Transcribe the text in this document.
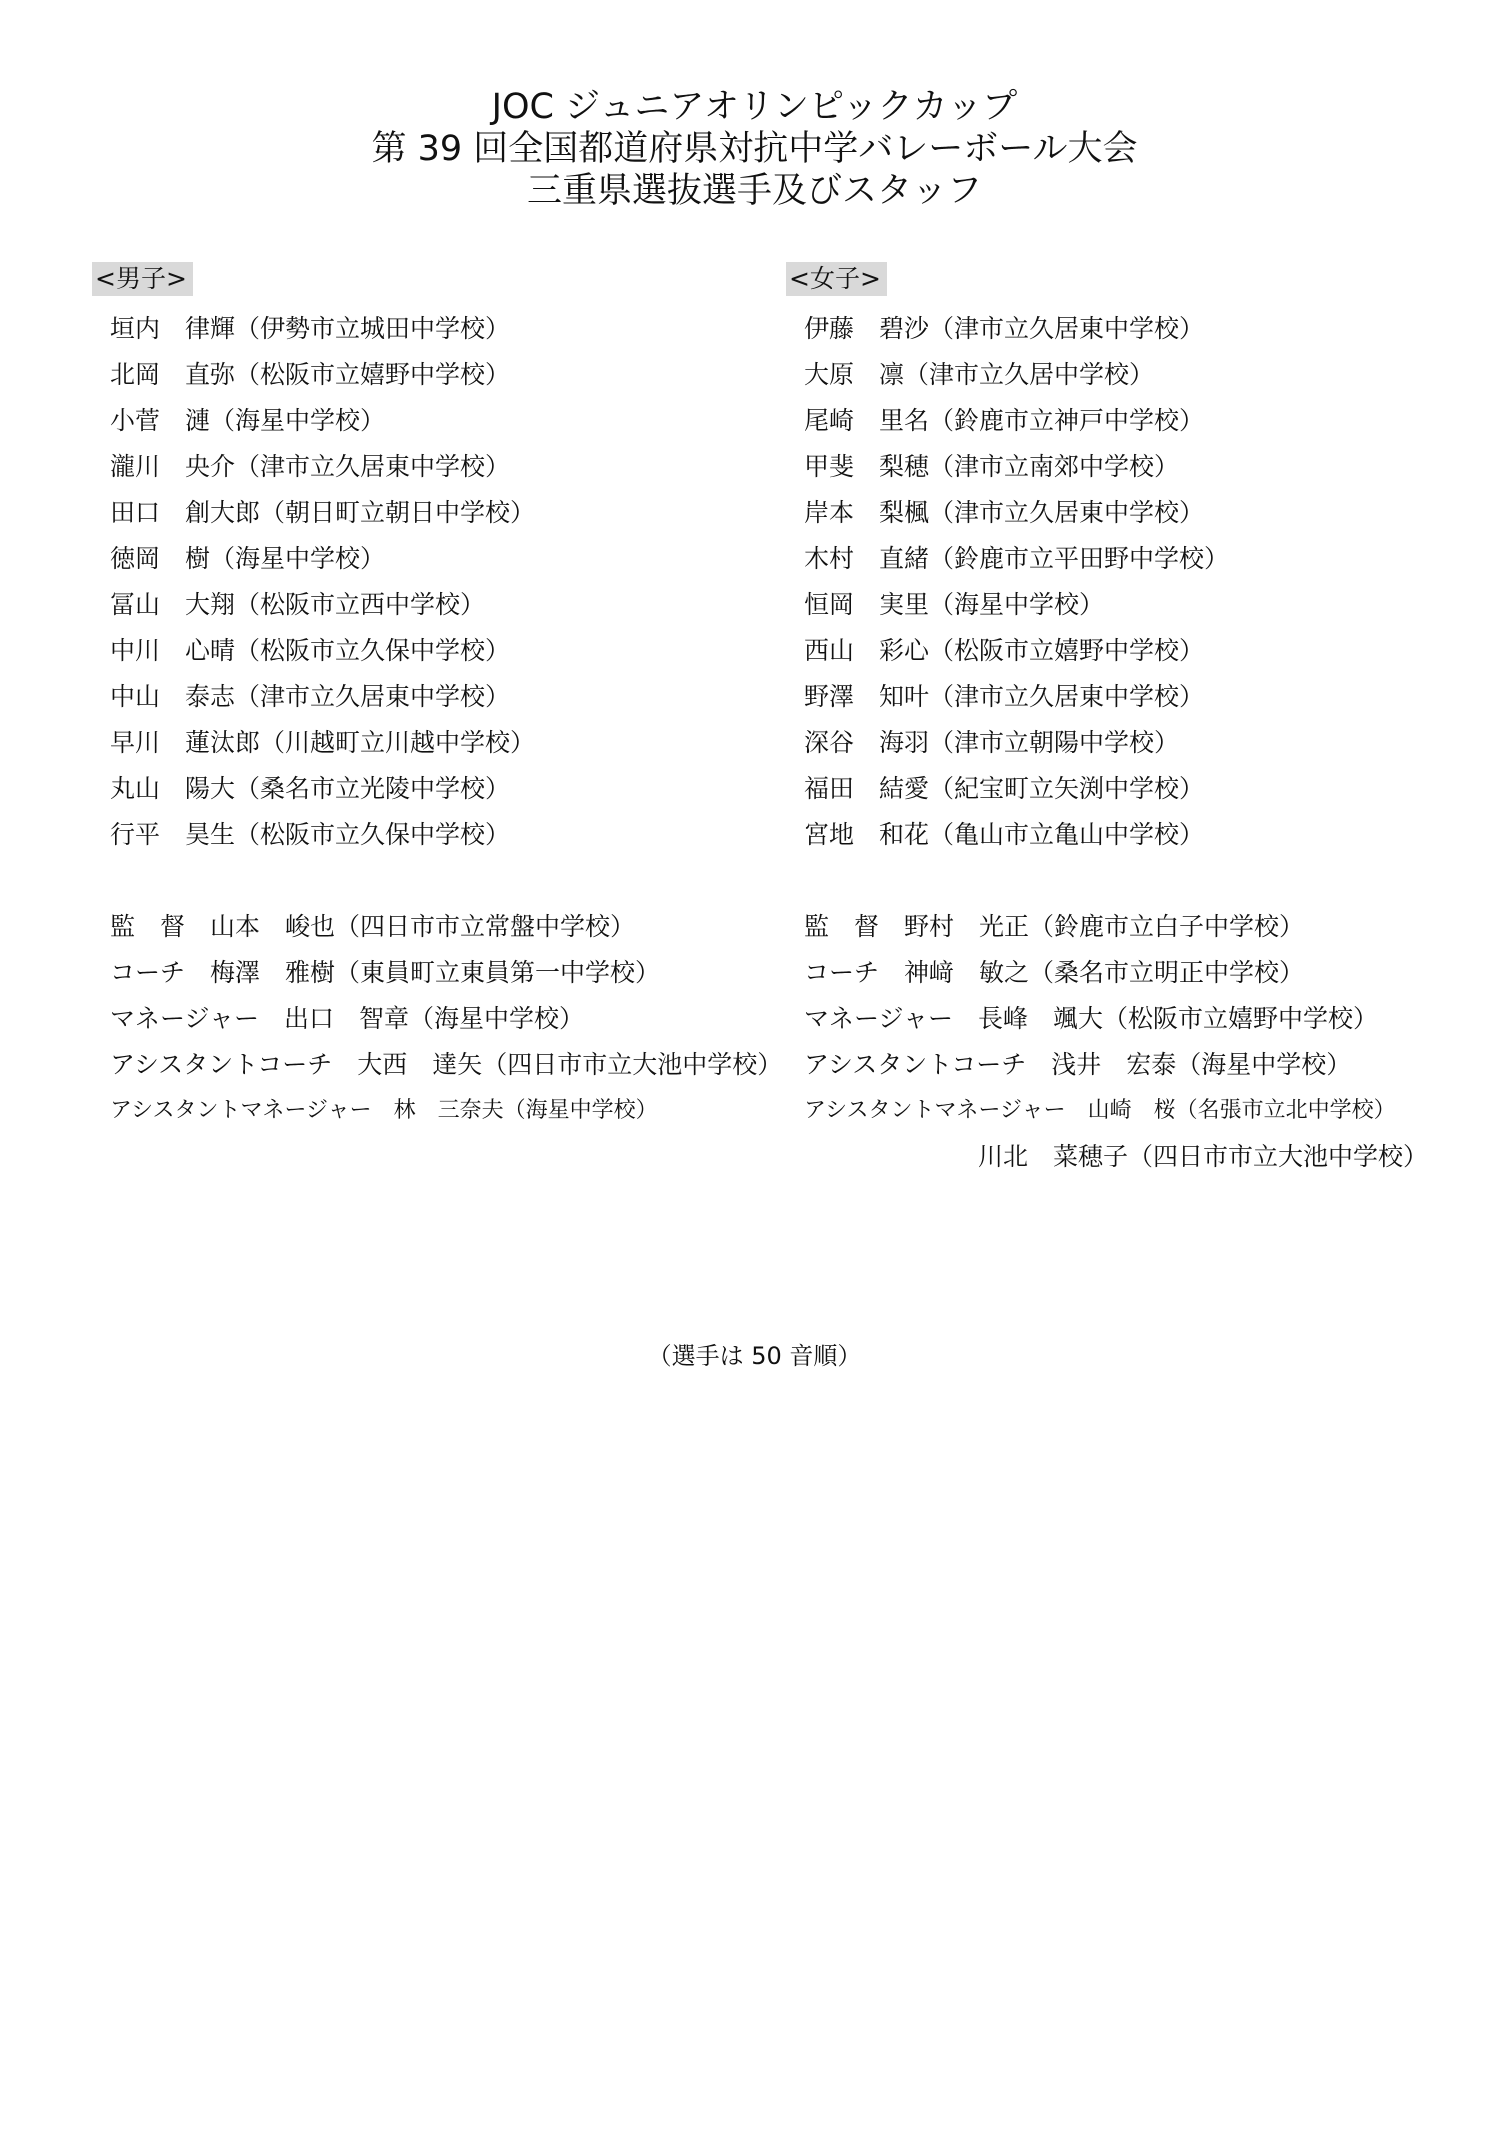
JOC ジュニアオリンピックカップ
第 39 回全国都道府県対抗中学バレーボール大会
三重県選抜選手及びスタッフ
<男子>
垣内　律輝（伊勢市立城田中学校）
北岡　直弥（松阪市立嬉野中学校）
小菅　漣（海星中学校）
瀧川　央介（津市立久居東中学校）
田口　創大郎（朝日町立朝日中学校）
徳岡　樹（海星中学校）
冨山　大翔（松阪市立西中学校）
中川　心晴（松阪市立久保中学校）
中山　泰志（津市立久居東中学校）
早川　蓮汰郎（川越町立川越中学校）
丸山　陽大（桑名市立光陵中学校）
行平　昊生（松阪市立久保中学校）
監　督　山本　峻也（四日市市立常盤中学校）
コーチ　梅澤　雅樹（東員町立東員第一中学校）
マネージャー　出口　智章（海星中学校）
アシスタントコーチ　大西　達矢（四日市市立大池中学校）
アシスタントマネージャー　林　三奈夫（海星中学校）
<女子>
伊藤　碧沙（津市立久居東中学校）
大原　凛（津市立久居中学校）
尾崎　里名（鈴鹿市立神戸中学校）
甲斐　梨穂（津市立南郊中学校）
岸本　梨楓（津市立久居東中学校）
木村　直緒（鈴鹿市立平田野中学校）
恒岡　実里（海星中学校）
西山　彩心（松阪市立嬉野中学校）
野澤　知叶（津市立久居東中学校）
深谷　海羽（津市立朝陽中学校）
福田　結愛（紀宝町立矢渕中学校）
宮地　和花（亀山市立亀山中学校）
監　督　野村　光正（鈴鹿市立白子中学校）
コーチ　神﨑　敏之（桑名市立明正中学校）
マネージャー　長峰　颯大（松阪市立嬉野中学校）
アシスタントコーチ　浅井　宏泰（海星中学校）
アシスタントマネージャー　山崎　桜（名張市立北中学校）
川北　菜穂子（四日市市立大池中学校）
（選手は 50 音順）
